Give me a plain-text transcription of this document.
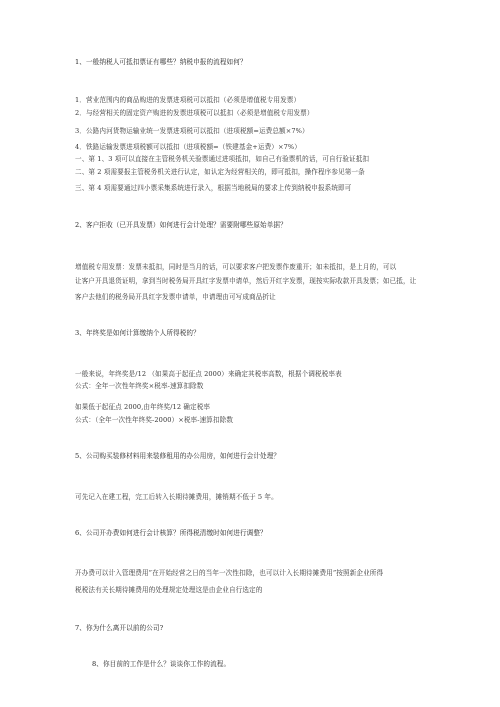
1、一般纳税人可抵扣票证有哪些？纳税申报的流程如何？
1．营业范围内的商品购进的发票进项税可以抵扣（必须是增值税专用发票）
2．与经营相关的固定资产购进的发票进项税可以抵扣（必须是增值税专用发票）
3．公路内河货物运输业统一发票进项税可以抵扣（进项税额=运费总额×7%）
4．铁路运输发票进项税额可以抵扣（进项税额=（铁建基金+运费）×7%）
一、第 1、3 项可以直接在主管税务机关验票通过进项抵扣，如自己有验票机的话，可自行验证抵扣
二、第 2 项需要报主管税务机关进行认定，如认定为经营相关的，即可抵扣，操作程序参见第一条
三、第 4 项需要通过四小票采集系统进行录入，根据当地税局的要求上传到纳税申报系统即可
2、客户拒收（已开具发票）如何进行会计处理？需要附哪些原始单据？
增值税专用发票：发票未抵扣，同时是当月的话，可以要求客户把发票作废重开；如未抵扣，是上月的，可以
让客户开具退货证明，拿到当时税务局开具红字发票申请单，然后开红字发票，现按实际收款开具发票；如已抵，让
客户去他们的税务局开具红字发票申请单，申请理由可写成商品折让
3、年终奖是如何计算缴纳个人所得税的？
一般来说，年终奖是/12 （如果高于起征点 2000）来确定其税率高数，根据个调税税率表
公式：全年一次性年终奖×税率-速算扣除数
如果低于起征点 2000,由年终奖/12 确定税率
公式：（全年一次性年终奖-2000）×税率-速算扣除数
5、公司购买装修材料用来装修租用的办公用房，如何进行会计处理？
可先记入在建工程，完工后转入长期待摊费用，摊销期不低于 5 年。
6、公司开办费如何进行会计核算？所得税清缴时如何进行调整？
开办费可以计入管理费用”在开始经营之日的当年一次性扣除，也可以计入长期待摊费用”按照新企业所得
税税法有关长期待摊费用的处理规定处理这是由企业自行选定的
7、你为什么离开以前的公司?
8、你目前的工作是什么？谈谈你工作的流程。
